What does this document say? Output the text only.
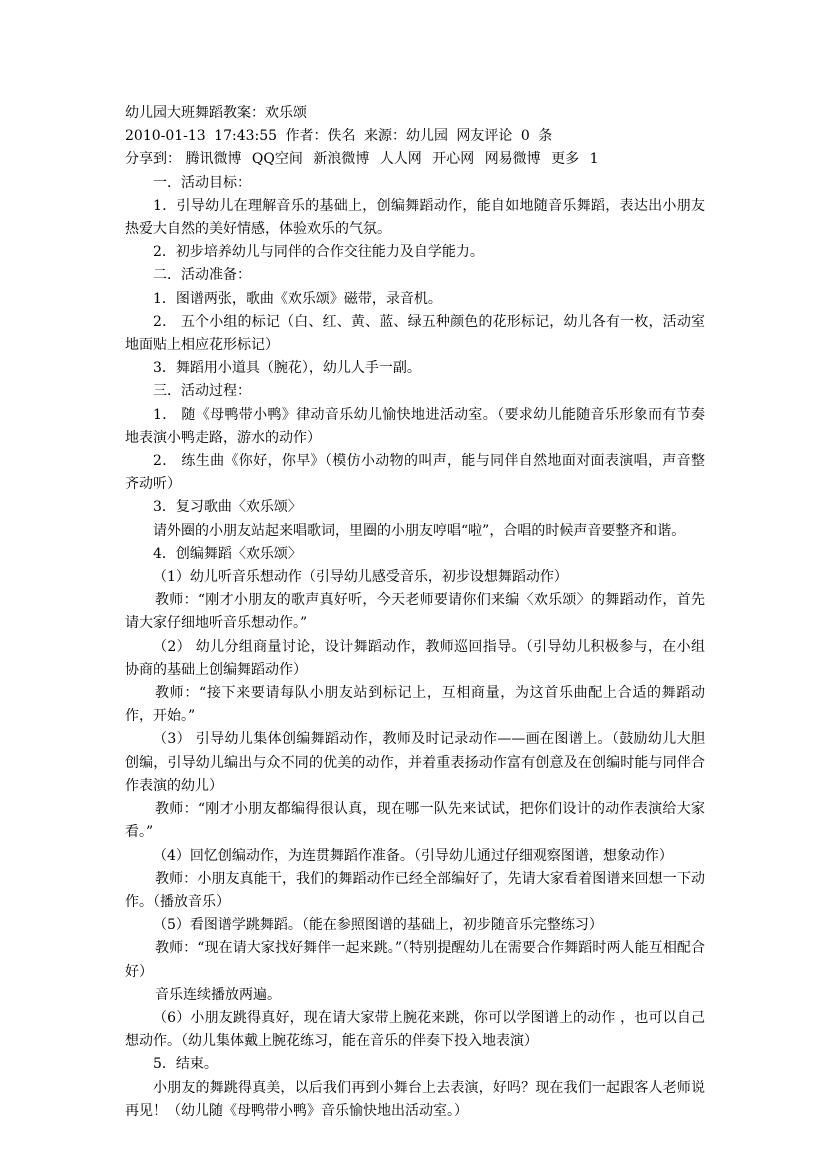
幼儿园大班舞蹈教案：欢乐颂
2010-01-13 17:43:55 作者：佚名 来源：幼儿园 网友评论 0 条
分享到： 腾讯微博 QQ空间 新浪微博 人人网 开心网 网易微博 更多 1
一．活动目标：
1．引导幼儿在理解音乐的基础上，创编舞蹈动作，能自如地随音乐舞蹈，表达出小朋友热爱大自然的美好情感，体验欢乐的气氛。
2．初步培养幼儿与同伴的合作交往能力及自学能力。
二．活动准备：
1．图谱两张，歌曲《欢乐颂》磁带，录音机。
2． 五个小组的标记（白、红、黄、蓝、绿五种颜色的花形标记，幼儿各有一枚，活动室地面贴上相应花形标记）
3．舞蹈用小道具（腕花），幼儿人手一副。
三．活动过程：
1． 随《母鸭带小鸭》律动音乐幼儿愉快地进活动室。（要求幼儿能随音乐形象而有节奏地表演小鸭走路，游水的动作）
2． 练生曲《你好，你早》（模仿小动物的叫声，能与同伴自然地面对面表演唱，声音整齐动听）
3．复习歌曲〈欢乐颂〉
请外圈的小朋友站起来唱歌词，里圈的小朋友哼唱“啦”，合唱的时候声音要整齐和谐。
4．创编舞蹈〈欢乐颂〉
（1）幼儿听音乐想动作（引导幼儿感受音乐，初步设想舞蹈动作）
教师：“刚才小朋友的歌声真好听，今天老师要请你们来编〈欢乐颂〉的舞蹈动作，首先请大家仔细地听音乐想动作。”
（2） 幼儿分组商量讨论，设计舞蹈动作，教师巡回指导。（引导幼儿积极参与，在小组协商的基础上创编舞蹈动作）
教师：“接下来要请每队小朋友站到标记上，互相商量，为这首乐曲配上合适的舞蹈动作，开始。”
（3） 引导幼儿集体创编舞蹈动作，教师及时记录动作——画在图谱上。（鼓励幼儿大胆创编，引导幼儿编出与众不同的优美的动作，并着重表扬动作富有创意及在创编时能与同伴合作表演的幼儿）
教师：“刚才小朋友都编得很认真，现在哪一队先来试试，把你们设计的动作表演给大家看。”
（4）回忆创编动作，为连贯舞蹈作准备。（引导幼儿通过仔细观察图谱，想象动作）
教师：小朋友真能干，我们的舞蹈动作已经全部编好了，先请大家看着图谱来回想一下动作。（播放音乐）
（5）看图谱学跳舞蹈。（能在参照图谱的基础上，初步随音乐完整练习）
教师：“现在请大家找好舞伴一起来跳。”（特别提醒幼儿在需要合作舞蹈时两人能互相配合好）
音乐连续播放两遍。
（6）小朋友跳得真好，现在请大家带上腕花来跳，你可以学图谱上的动作 ，也可以自己想动作。（幼儿集体戴上腕花练习，能在音乐的伴奏下投入地表演）
5．结束。
小朋友的舞跳得真美，以后我们再到小舞台上去表演，好吗？现在我们一起跟客人老师说再见！（幼儿随《母鸭带小鸭》音乐愉快地出活动室。）
